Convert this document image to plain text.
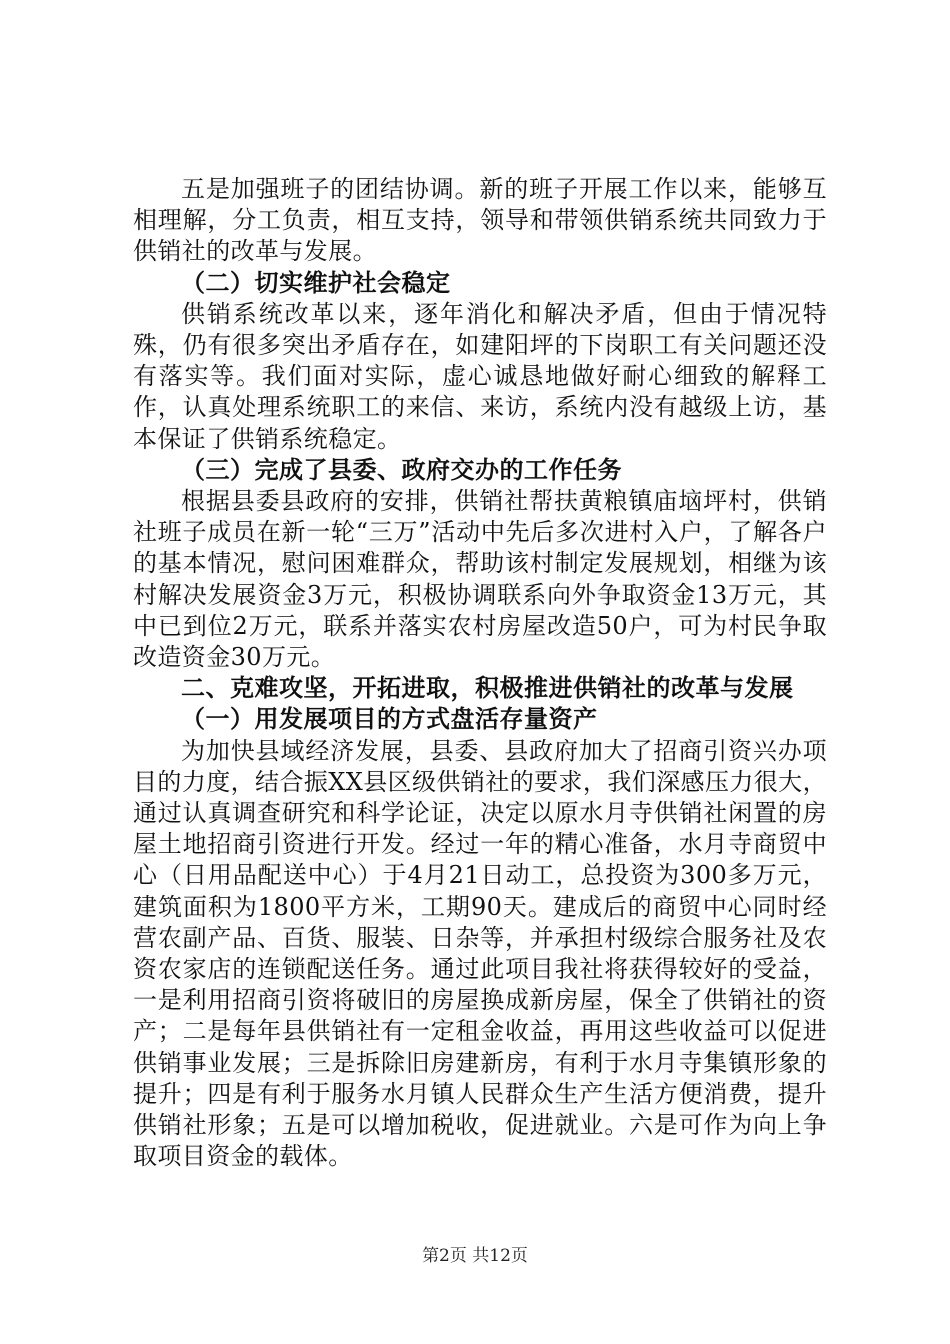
五是加强班子的团结协调。新的班子开展工作以来，能够互相理解，分工负责，相互支持，领导和带领供销系统共同致力于供销社的改革与发展。

（二）切实维护社会稳定

供销系统改革以来，逐年消化和解决矛盾，但由于情况特殊，仍有很多突出矛盾存在，如建阳坪的下岗职工有关问题还没有落实等。我们面对实际，虚心诚恳地做好耐心细致的解释工作，认真处理系统职工的来信、来访，系统内没有越级上访，基本保证了供销系统稳定。

（三）完成了县委、政府交办的工作任务

根据县委县政府的安排，供销社帮扶黄粮镇庙垴坪村，供销社班子成员在新一轮“三万”活动中先后多次进村入户，了解各户的基本情况，慰问困难群众，帮助该村制定发展规划，相继为该村解决发展资金3万元，积极协调联系向外争取资金13万元，其中已到位2万元，联系并落实农村房屋改造50户，可为村民争取改造资金30万元。

二、克难攻坚，开拓进取，积极推进供销社的改革与发展

（一）用发展项目的方式盘活存量资产

为加快县域经济发展，县委、县政府加大了招商引资兴办项目的力度，结合振XX县区级供销社的要求，我们深感压力很大，通过认真调查研究和科学论证，决定以原水月寺供销社闲置的房屋土地招商引资进行开发。经过一年的精心准备，水月寺商贸中心（日用品配送中心）于4月21日动工，总投资为300多万元，建筑面积为1800平方米，工期90天。建成后的商贸中心同时经营农副产品、百货、服装、日杂等，并承担村级综合服务社及农资农家店的连锁配送任务。通过此项目我社将获得较好的受益，一是利用招商引资将破旧的房屋换成新房屋，保全了供销社的资产；二是每年县供销社有一定租金收益，再用这些收益可以促进供销事业发展；三是拆除旧房建新房，有利于水月寺集镇形象的提升；四是有利于服务水月镇人民群众生产生活方便消费，提升供销社形象；五是可以增加税收，促进就业。六是可作为向上争取项目资金的载体。

第2页 共12页
